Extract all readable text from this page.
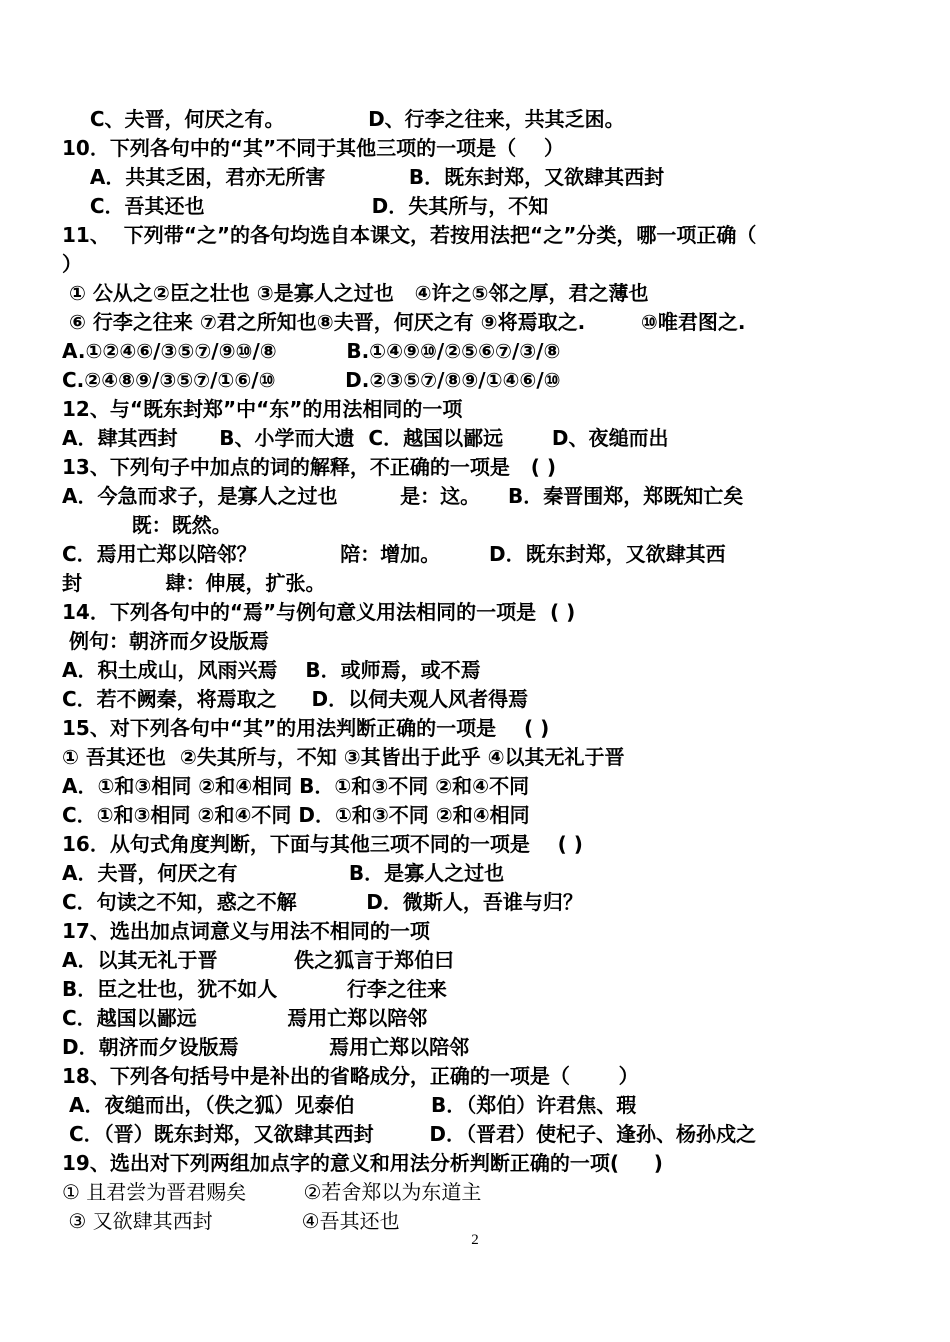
C、夫晋，何厌之有。            D、行李之往来，共其乏困。
10．下列各句中的“其”不同于其他三项的一项是（    ）
A．共其乏困，君亦无所害            B．既东封郑，又欲肆其西封
C．吾其还也                        D．失其所与，不知
11、  下列带“之”的各句均选自本课文，若按用法把“之”分类，哪一项正确（
）
① 公从之②臣之壮也 ③是寡人之过也   ④许之⑤邻之厚，君之薄也
⑥ 行李之往来 ⑦君之所知也⑧夫晋，何厌之有 ⑨将焉取之.        ⑩唯君图之.
A.①②④⑥/③⑤⑦/⑨⑩/⑧          B.①④⑨⑩/②⑤⑥⑦/③/⑧
C.②④⑧⑨/③⑤⑦/①⑥/⑩          D.②③⑤⑦/⑧⑨/①④⑥/⑩
12、与“既东封郑”中“东”的用法相同的一项
A．肆其西封      B、小学而大遗  C．越国以鄙远       D、夜缒而出
13、下列句子中加点的词的解释，不正确的一项是   ( )
A．今急而求子，是寡人之过也         是：这。    B．秦晋围郑，郑既知亡矣
既：既然。
C．焉用亡郑以陪邻？            陪：增加。       D．既东封郑，又欲肆其西
封            肆：伸展，扩张。
14．下列各句中的“焉”与例句意义用法相同的一项是  ( )
例句：朝济而夕设版焉
A．积土成山，风雨兴焉    B．或师焉，或不焉
C．若不阙秦，将焉取之     D．以伺夫观人风者得焉
15、对下列各句中“其”的用法判断正确的一项是    ( )
① 吾其还也  ②失其所与，不知 ③其皆出于此乎 ④以其无礼于晋
A．①和③相同 ②和④相同 B．①和③不同 ②和④不同
C．①和③相同 ②和④不同 D．①和③不同 ②和④相同
16．从句式角度判断，下面与其他三项不同的一项是    ( )
A．夫晋，何厌之有                B．是寡人之过也
C．句读之不知，惑之不解          D．微斯人，吾谁与归？
17、选出加点词意义与用法不相同的一项
A．以其无礼于晋           佚之狐言于郑伯曰
B．臣之壮也，犹不如人          行李之往来
C．越国以鄙远             焉用亡郑以陪邻
D．朝济而夕设版焉             焉用亡郑以陪邻
18、下列各句括号中是补出的省略成分，正确的一项是（       ）
A．夜缒而出，（佚之狐）见泰伯           B．（郑伯）许君焦、瑕
C．（晋）既东封郑，又欲肆其西封        D．（晋君）使杞子、逢孙、杨孙戍之
19、选出对下列两组加点字的意义和用法分析判断正确的一项(     )
① 且君尝为晋君赐矣         ②若舍郑以为东道主
③ 又欲肆其西封              ④吾其还也
2
